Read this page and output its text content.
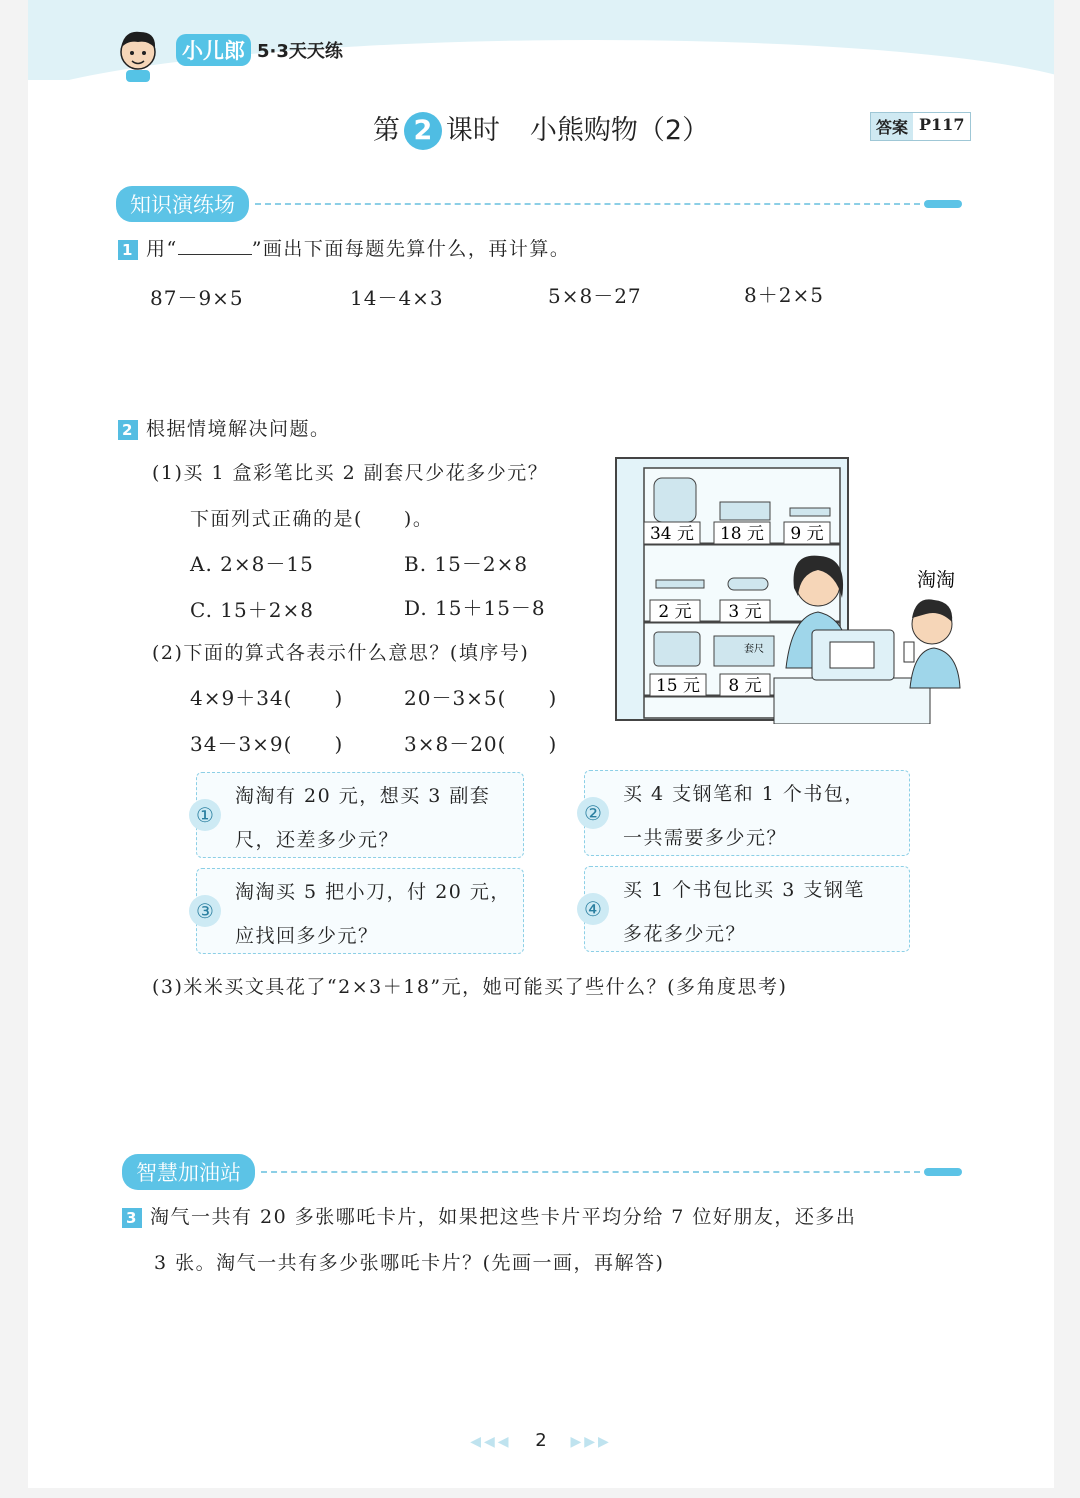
小儿郎 5·3天天练
第 2 课时 小熊购物（2）	答案 P117
知识演练场
1 用“	”画出下面每题先算什么，再计算。
87－9×5	14－4×3	5×8－27	8＋2×5
2 根据情境解决问题。
(1)买 1 盒彩笔比买 2 副套尺少花多少元？
下面列式正确的是(　　)。
A. 2×8－15	B. 15－2×8
C. 15＋2×8	D. 15＋15－8
(2)下面的算式各表示什么意思？(填序号)
4×9＋34(　　)	20－3×5(　　)
34－3×9(　　)	3×8－20(　　)
34 元 18 元 9 元
2 元 3 元
套尺
15 元 8 元
淘淘
①
淘淘有 20 元，想买 3 副套
尺，还差多少元？
②
买 4 支钢笔和 1 个书包，
一共需要多少元？
③
淘淘买 5 把小刀，付 20 元，
应找回多少元？
④
买 1 个书包比买 3 支钢笔
多花多少元？
(3)米米买文具花了“2×3＋18”元，她可能买了些什么？(多角度思考)
智慧加油站
3 淘气一共有 20 多张哪吒卡片，如果把这些卡片平均分给 7 位好朋友，还多出
3 张。淘气一共有多少张哪吒卡片？(先画一画，再解答)
◀◀◀ 2 ▶▶▶
